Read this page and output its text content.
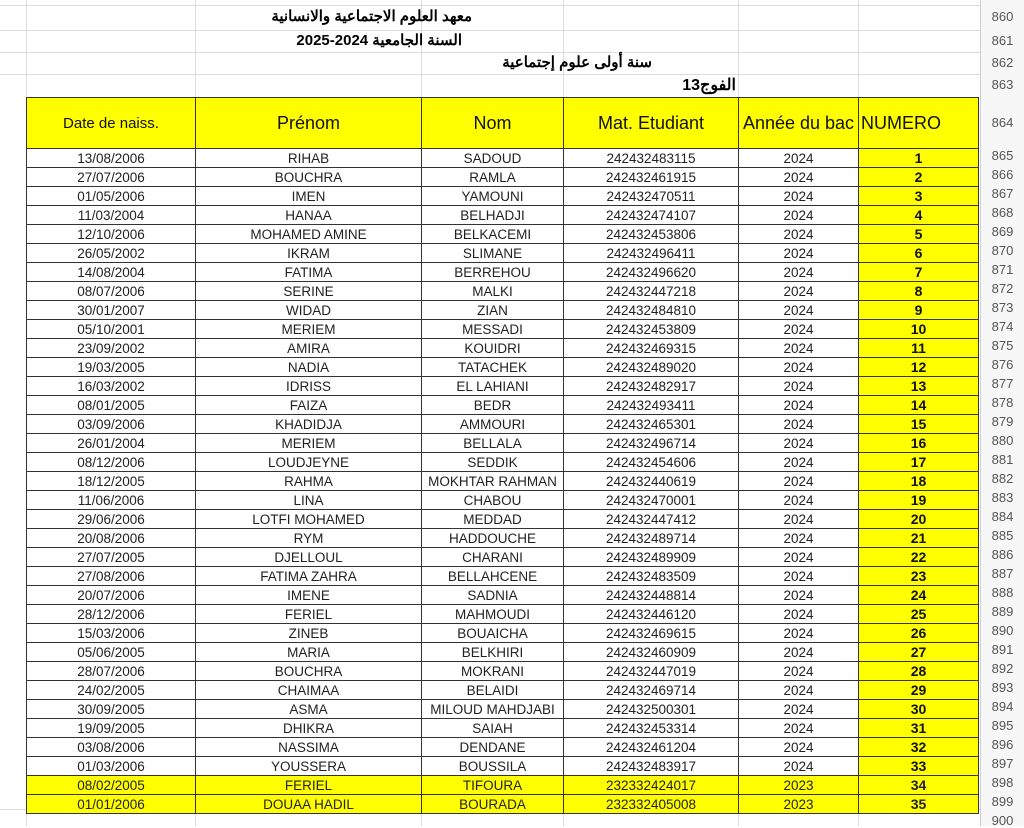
860
861
862
863
864
865
866
867
868
869
870
871
872
873
874
875
876
877
878
879
880
881
882
883
884
885
886
887
888
889
890
891
892
893
894
895
896
897
898
899
900
معهد العلوم الاجتماعية والانسانية
السنة الجامعية 2024-2025
سنة أولى علوم إجتماعية
الفوج13
Date de naiss.	Prénom	Nom	Mat. Etudiant	Année du bac	NUMERO
13/08/2006	RIHAB	SADOUD	242432483115	2024	1
27/07/2006	BOUCHRA	RAMLA	242432461915	2024	2
01/05/2006	IMEN	YAMOUNI	242432470511	2024	3
11/03/2004	HANAA	BELHADJI	242432474107	2024	4
12/10/2006	MOHAMED AMINE	BELKACEMI	242432453806	2024	5
26/05/2002	IKRAM	SLIMANE	242432496411	2024	6
14/08/2004	FATIMA	BERREHOU	242432496620	2024	7
08/07/2006	SERINE	MALKI	242432447218	2024	8
30/01/2007	WIDAD	ZIAN	242432484810	2024	9
05/10/2001	MERIEM	MESSADI	242432453809	2024	10
23/09/2002	AMIRA	KOUIDRI	242432469315	2024	11
19/03/2005	NADIA	TATACHEK	242432489020	2024	12
16/03/2002	IDRISS	EL LAHIANI	242432482917	2024	13
08/01/2005	FAIZA	BEDR	242432493411	2024	14
03/09/2006	KHADIDJA	AMMOURI	242432465301	2024	15
26/01/2004	MERIEM	BELLALA	242432496714	2024	16
08/12/2006	LOUDJEYNE	SEDDIK	242432454606	2024	17
18/12/2005	RAHMA	MOKHTAR RAHMAN	242432440619	2024	18
11/06/2006	LINA	CHABOU	242432470001	2024	19
29/06/2006	LOTFI MOHAMED	MEDDAD	242432447412	2024	20
20/08/2006	RYM	HADDOUCHE	242432489714	2024	21
27/07/2005	DJELLOUL	CHARANI	242432489909	2024	22
27/08/2006	FATIMA ZAHRA	BELLAHCENE	242432483509	2024	23
20/07/2006	IMENE	SADNIA	242432448814	2024	24
28/12/2006	FERIEL	MAHMOUDI	242432446120	2024	25
15/03/2006	ZINEB	BOUAICHA	242432469615	2024	26
05/06/2005	MARIA	BELKHIRI	242432460909	2024	27
28/07/2006	BOUCHRA	MOKRANI	242432447019	2024	28
24/02/2005	CHAIMAA	BELAIDI	242432469714	2024	29
30/09/2005	ASMA	MILOUD MAHDJABI	242432500301	2024	30
19/09/2005	DHIKRA	SAIAH	242432453314	2024	31
03/08/2006	NASSIMA	DENDANE	242432461204	2024	32
01/03/2006	YOUSSERA	BOUSSILA	242432483917	2024	33
08/02/2005	FERIEL	TIFOURA	232332424017	2023	34
01/01/2006	DOUAA HADIL	BOURADA	232332405008	2023	35
